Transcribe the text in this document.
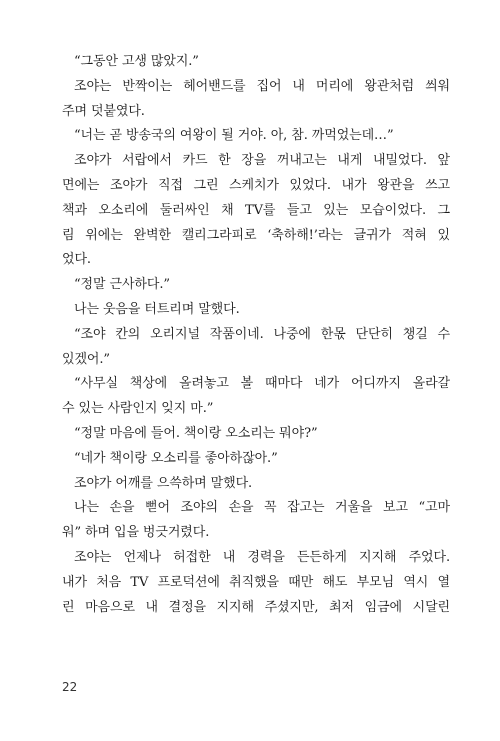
“그동안 고생 많았지.”
조야는 반짝이는 헤어밴드를 집어 내 머리에 왕관처럼 씌워
주며 덧붙였다.
“너는 곧 방송국의 여왕이 될 거야. 아, 참. 까먹었는데…”
조야가 서랍에서 카드 한 장을 꺼내고는 내게 내밀었다. 앞
면에는 조야가 직접 그린 스케치가 있었다. 내가 왕관을 쓰고
책과 오소리에 둘러싸인 채 TV를 들고 있는 모습이었다. 그
림 위에는 완벽한 캘리그라피로 ‘축하해!’라는 글귀가 적혀 있
었다.
“정말 근사하다.”
나는 웃음을 터트리며 말했다.
“조야 칸의 오리지널 작품이네. 나중에 한몫 단단히 챙길 수
있겠어.”
“사무실 책상에 올려놓고 볼 때마다 네가 어디까지 올라갈
수 있는 사람인지 잊지 마.”
“정말 마음에 들어. 책이랑 오소리는 뭐야?”
“네가 책이랑 오소리를 좋아하잖아.”
조야가 어깨를 으쓱하며 말했다.
나는 손을 뻗어 조야의 손을 꼭 잡고는 거울을 보고 “고마
워” 하며 입을 벙긋거렸다.
조야는 언제나 허접한 내 경력을 든든하게 지지해 주었다.
내가 처음 TV 프로덕션에 취직했을 때만 해도 부모님 역시 열
린 마음으로 내 결정을 지지해 주셨지만, 최저 임금에 시달린
22
